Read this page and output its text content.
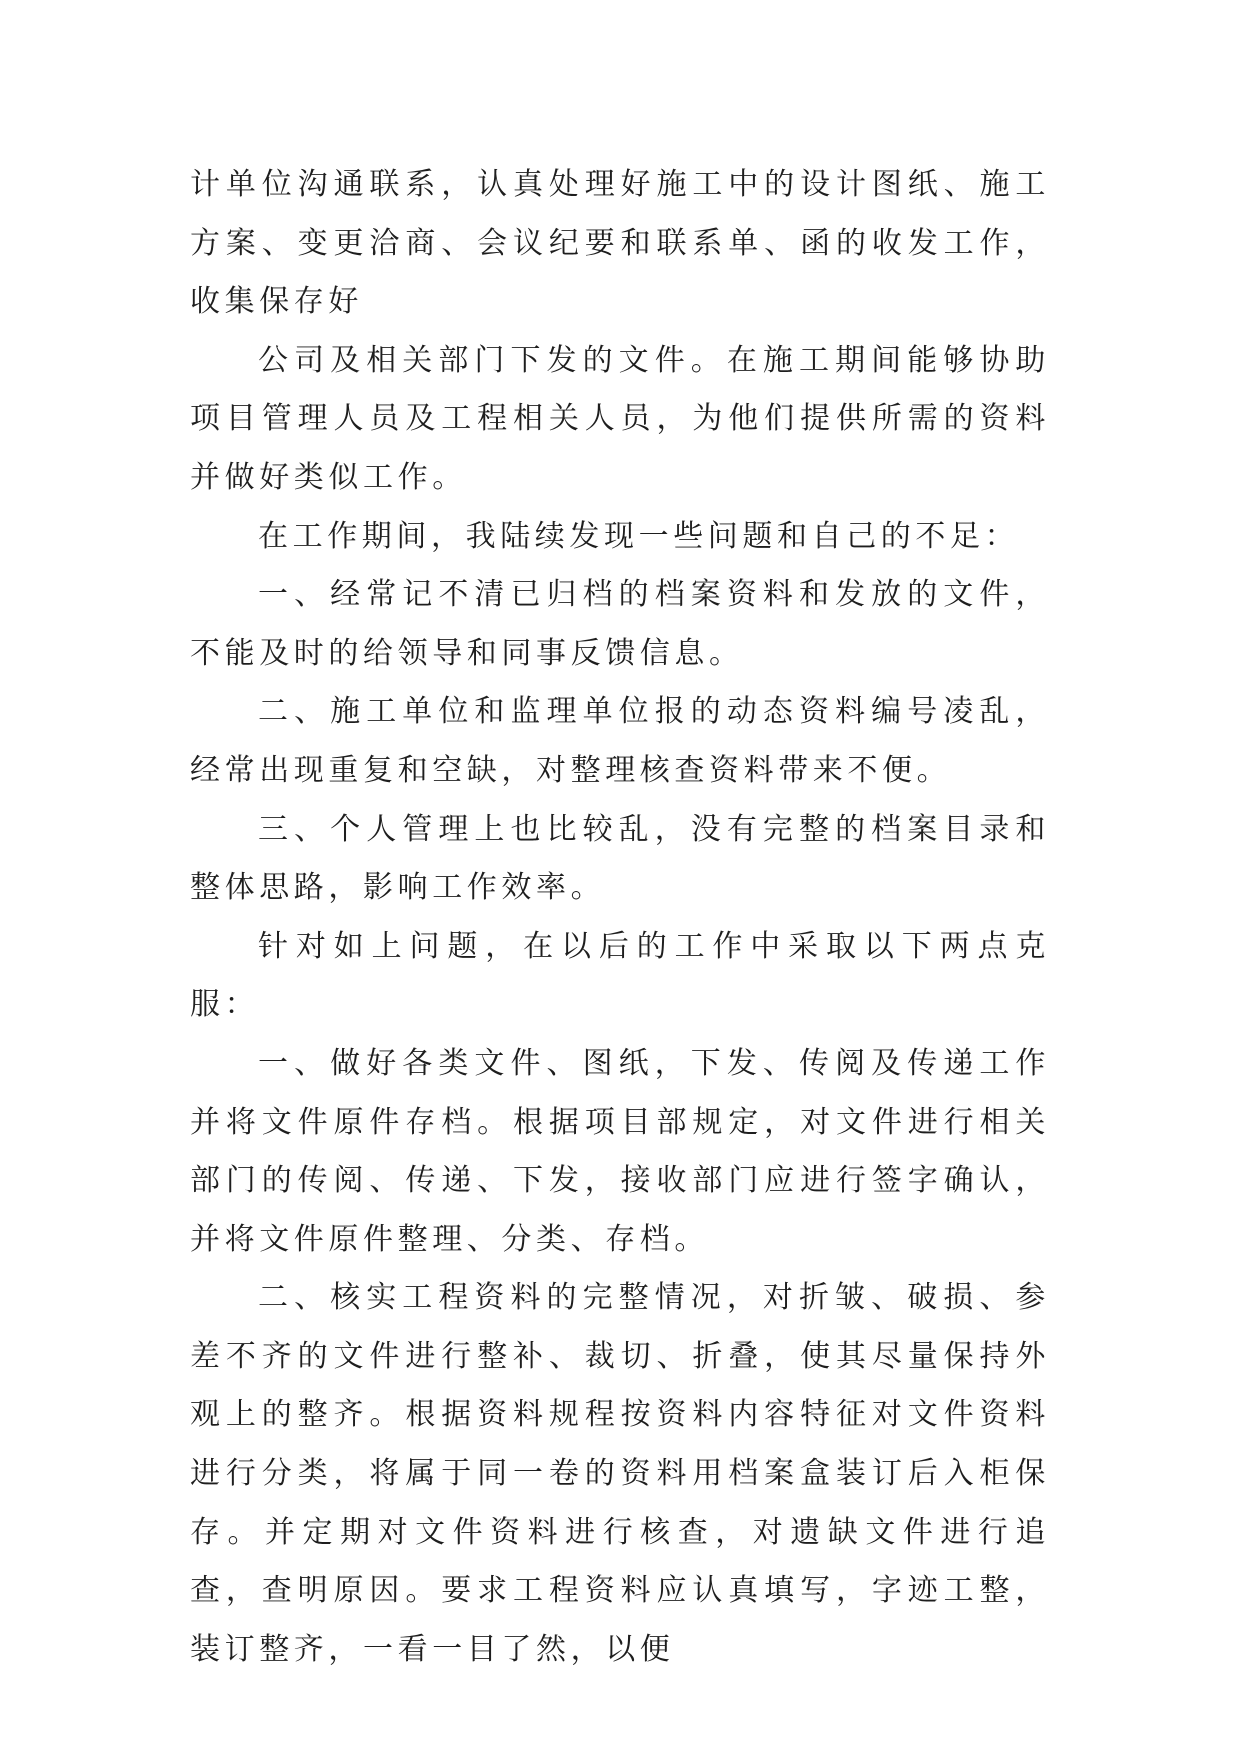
计单位沟通联系，认真处理好施工中的设计图纸、施工方案、变更洽商、会议纪要和联系单、函的收发工作，收集保存好

公司及相关部门下发的文件。在施工期间能够协助项目管理人员及工程相关人员，为他们提供所需的资料并做好类似工作。

在工作期间，我陆续发现一些问题和自己的不足：

一、经常记不清已归档的档案资料和发放的文件，不能及时的给领导和同事反馈信息。

二、施工单位和监理单位报的动态资料编号凌乱，经常出现重复和空缺，对整理核查资料带来不便。

三、个人管理上也比较乱，没有完整的档案目录和整体思路，影响工作效率。

针对如上问题，在以后的工作中采取以下两点克服：

一、做好各类文件、图纸，下发、传阅及传递工作并将文件原件存档。根据项目部规定，对文件进行相关部门的传阅、传递、下发，接收部门应进行签字确认，并将文件原件整理、分类、存档。

二、核实工程资料的完整情况，对折皱、破损、参差不齐的文件进行整补、裁切、折叠，使其尽量保持外观上的整齐。根据资料规程按资料内容特征对文件资料进行分类，将属于同一卷的资料用档案盒装订后入柜保存。并定期对文件资料进行核查，对遗缺文件进行追查，查明原因。要求工程资料应认真填写，字迹工整，装订整齐，一看一目了然，以便
